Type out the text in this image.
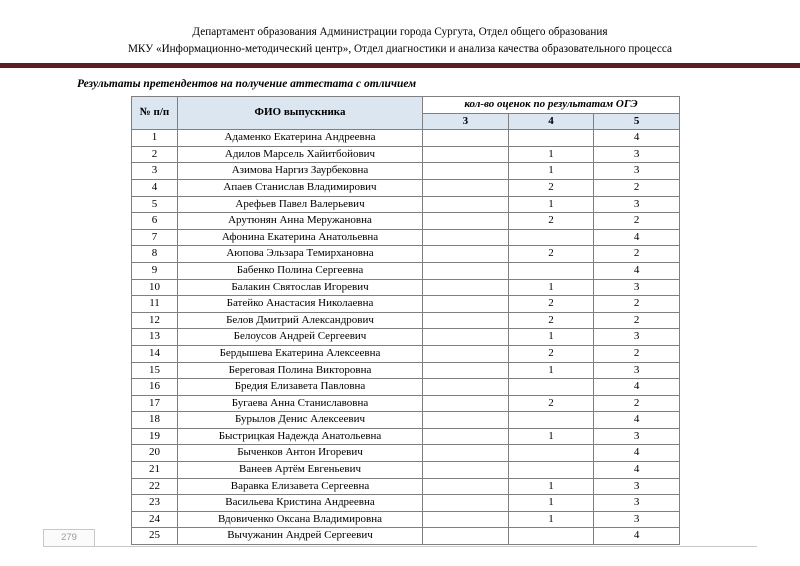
Департамент образования Администрации города Сургута, Отдел общего образования
МКУ «Информационно-методический центр», Отдел диагностики и анализа качества образовательного процесса
Результаты претендентов на получение аттестата с отличием
№ п/п	ФИО выпускника	кол-во оценок по результатам ОГЭ		
		3	4	5
1	Адаменко Екатерина Андреевна			4
2	Адилов Марсель Хайитбойович		1	3
3	Азимова Наргиз Заурбековна		1	3
4	Апаев Станислав Владимирович		2	2
5	Арефьев Павел Валерьевич		1	3
6	Арутюнян Анна Меружановна		2	2
7	Афонина Екатерина Анатольевна			4
8	Аюпова Эльзара Темирхановна		2	2
9	Бабенко Полина Сергеевна			4
10	Балакин Святослав Игоревич		1	3
11	Батейко Анастасия Николаевна		2	2
12	Белов Дмитрий Александрович		2	2
13	Белоусов Андрей Сергеевич		1	3
14	Бердышева Екатерина Алексеевна		2	2
15	Береговая Полина Викторовна		1	3
16	Бредия Елизавета Павловна			4
17	Бугаева Анна Станиславовна		2	2
18	Бурылов Денис Алексеевич			4
19	Быстрицкая Надежда Анатольевна		1	3
20	Быченков Антон Игоревич			4
21	Ванеев Артём Евгеньевич			4
22	Варавка Елизавета Сергеевна		1	3
23	Васильева Кристина Андреевна		1	3
24	Вдовиченко Оксана Владимировна		1	3
25	Вычужанин Андрей Сергеевич			4
279
